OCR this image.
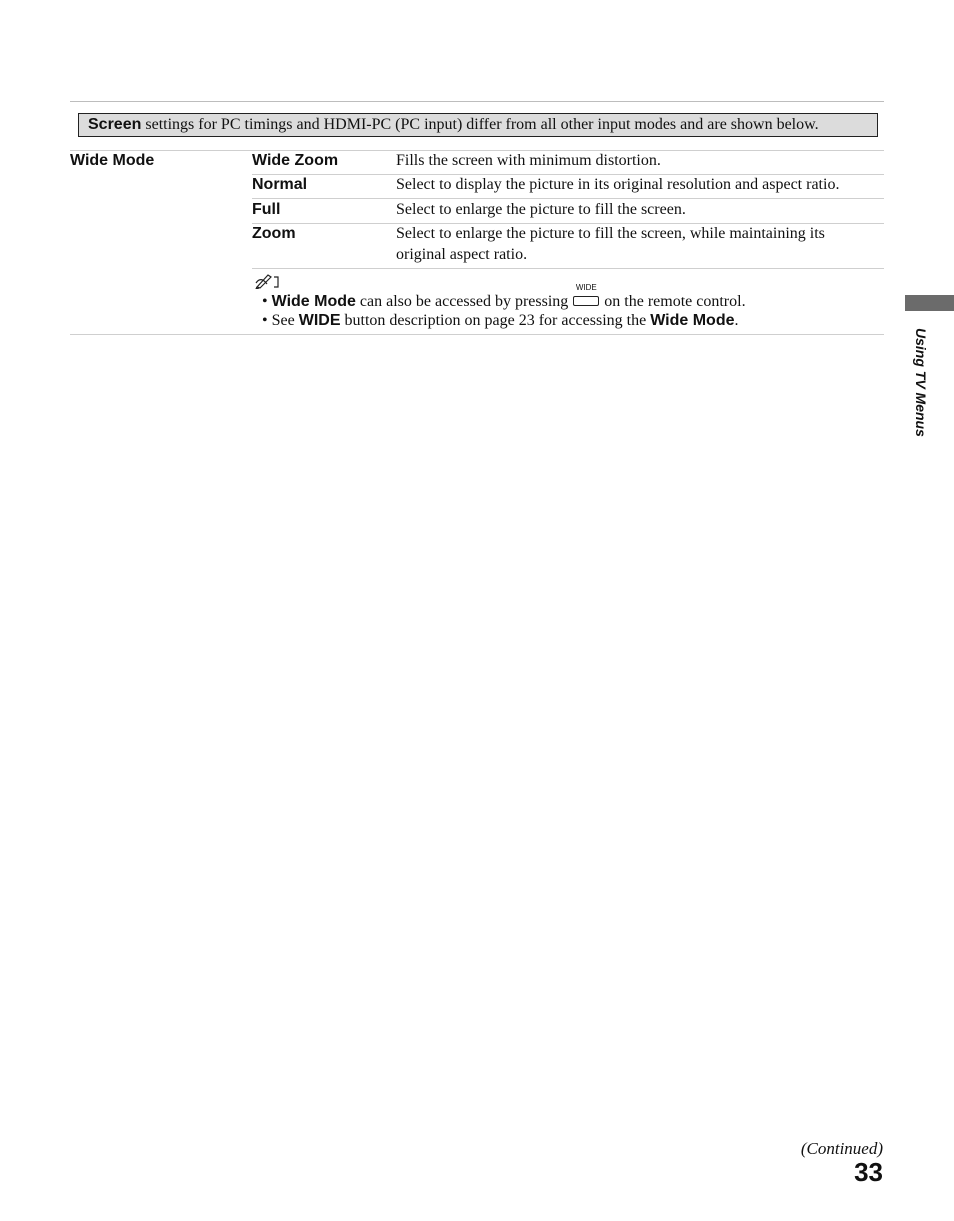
Screen settings for PC timings and HDMI-PC (PC input) differ from all other input modes and are shown below.
Wide Mode	Wide Zoom	Fills the screen with minimum distortion.
Normal	Select to display the picture in its original resolution and aspect ratio.
Full	Select to enlarge the picture to fill the screen.
Zoom	Select to enlarge the picture to fill the screen, while maintaining its original aspect ratio.
• Wide Mode can also be accessed by pressing
WIDE
on the remote control.
• See WIDE button description on page 23 for accessing the Wide Mode.
Using TV Menus
(Continued)
33
